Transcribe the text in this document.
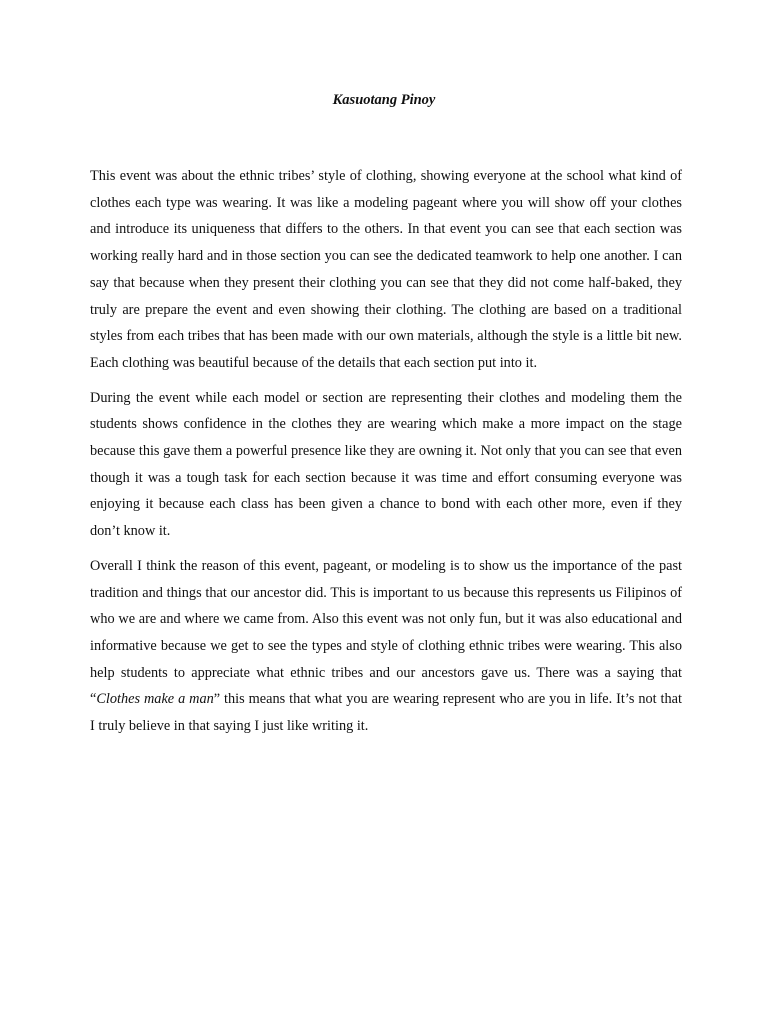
Kasuotang Pinoy

This event was about the ethnic tribes’ style of clothing, showing everyone at the school what kind of clothes each type was wearing. It was like a modeling pageant where you will show off your clothes and introduce its uniqueness that differs to the others. In that event you can see that each section was working really hard and in those section you can see the dedicated teamwork to help one another. I can say that because when they present their clothing you can see that they did not come half-baked, they truly are prepare the event and even showing their clothing. The clothing are based on a traditional styles from each tribes that has been made with our own materials, although the style is a little bit new. Each clothing was beautiful because of the details that each section put into it.

During the event while each model or section are representing their clothes and modeling them the students shows confidence in the clothes they are wearing which make a more impact on the stage because this gave them a powerful presence like they are owning it. Not only that you can see that even though it was a tough task for each section because it was time and effort consuming everyone was enjoying it because each class has been given a chance to bond with each other more, even if they don’t know it.

Overall I think the reason of this event, pageant, or modeling is to show us the importance of the past tradition and things that our ancestor did. This is important to us because this represents us Filipinos of who we are and where we came from. Also this event was not only fun, but it was also educational and informative because we get to see the types and style of clothing ethnic tribes were wearing. This also help students to appreciate what ethnic tribes and our ancestors gave us. There was a saying that “Clothes make a man” this means that what you are wearing represent who are you in life. It’s not that I truly believe in that saying I just like writing it.
